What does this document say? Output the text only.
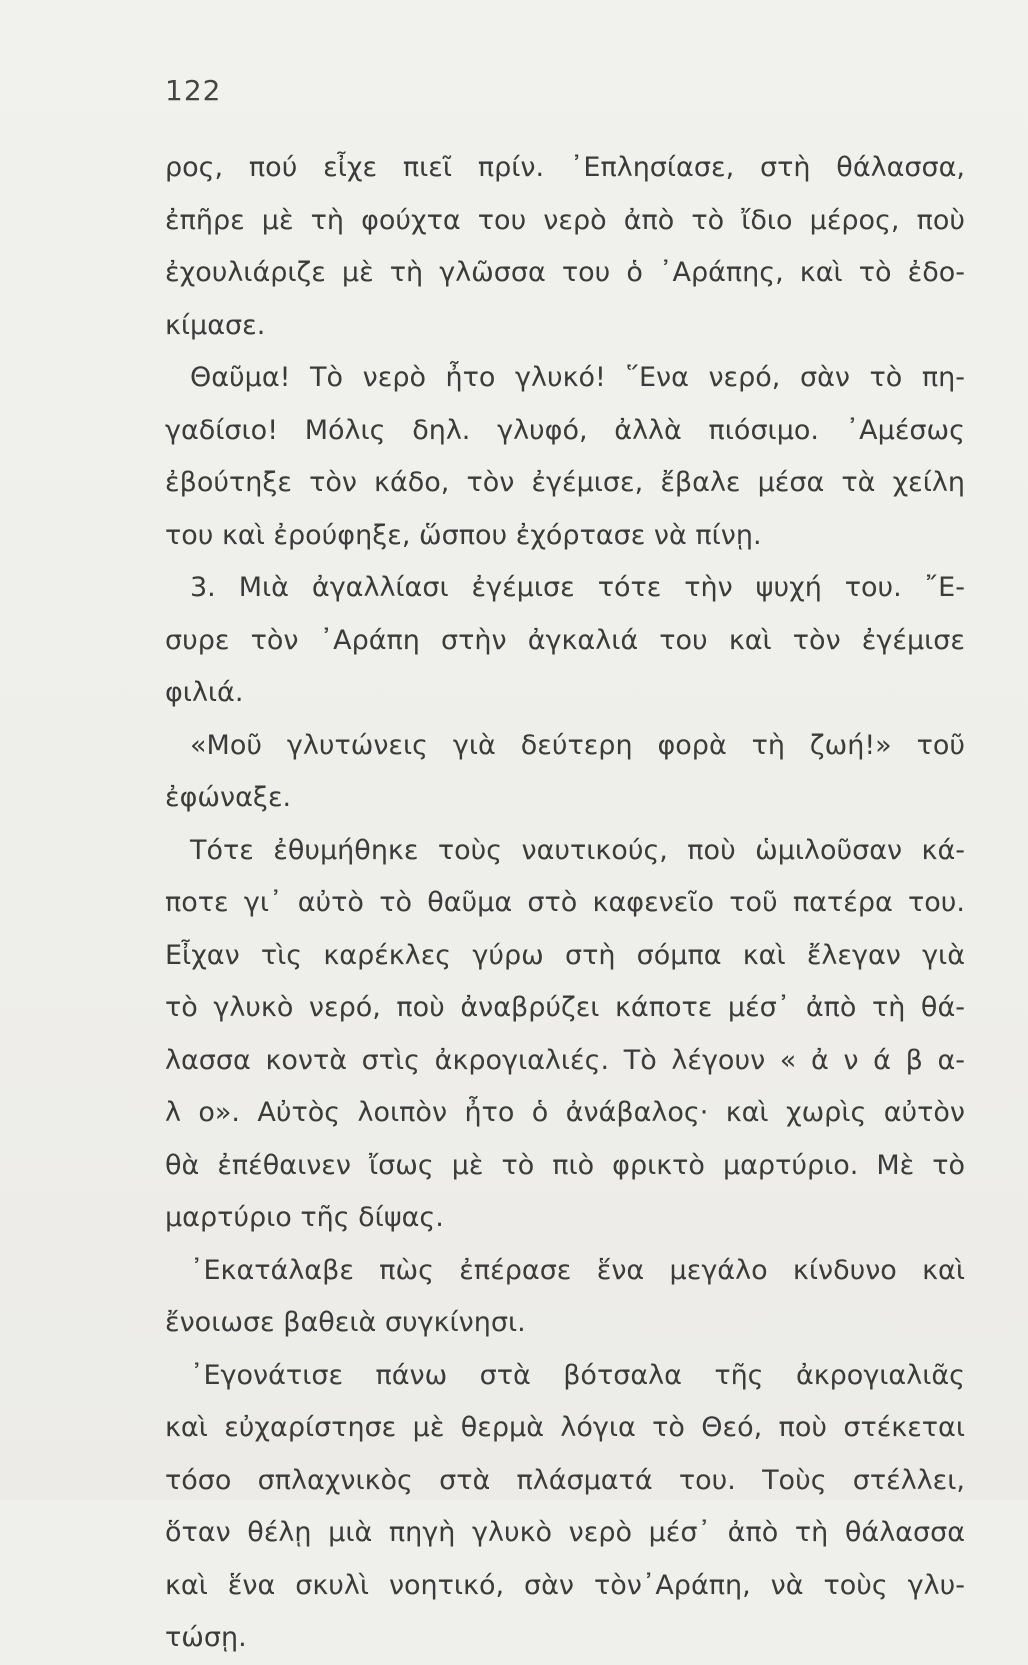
122
ρος, πού εἶχε πιεῖ πρίν. ᾽Επλησίασε, στὴ θάλασσα,
ἐπῆρε μὲ τὴ φούχτα του νερὸ ἀπὸ τὸ ἴδιο μέρος, ποὺ
ἐχουλιάριζε μὲ τὴ γλῶσσα του ὁ ᾽Αράπης, καὶ τὸ ἐδο-
κίμασε.
Θαῦμα! Τὸ νερὸ ἦτο γλυκό! ῞Ενα νερό, σὰν τὸ πη-
γαδίσιο! Μόλις δηλ. γλυφό, ἀλλὰ πιόσιμο. ᾽Αμέσως
ἐβούτηξε τὸν κάδο, τὸν ἐγέμισε, ἔβαλε μέσα τὰ χείλη
του καὶ ἐρούφηξε, ὥσπου ἐχόρτασε νὰ πίνῃ.
3. Μιὰ ἀγαλλίασι ἐγέμισε τότε τὴν ψυχή του. ῎Ε-
συρε τὸν ᾽Αράπη στὴν ἀγκαλιά του καὶ τὸν ἐγέμισε
φιλιά.
«Μοῦ γλυτώνεις γιὰ δεύτερη φορὰ τὴ ζωή!» τοῦ
ἐφώναξε.
Τότε ἐθυμήθηκε τοὺς ναυτικούς, ποὺ ὡμιλοῦσαν κά-
ποτε γι᾽ αὐτὸ τὸ θαῦμα στὸ καφενεῖο τοῦ πατέρα του.
Εἶχαν τὶς καρέκλες γύρω στὴ σόμπα καὶ ἔλεγαν γιὰ
τὸ γλυκὸ νερό, ποὺ ἀναβρύζει κάποτε μέσ᾽ ἀπὸ τὴ θά-
λασσα κοντὰ στὶς ἀκρογιαλιές. Τὸ λέγουν « ἀ ν ά β α-
λ ο». Αὐτὸς λοιπὸν ἦτο ὁ ἀνάβαλος· καὶ χωρὶς αὐτὸν
θὰ ἐπέθαινεν ἴσως μὲ τὸ πιὸ φρικτὸ μαρτύριο. Μὲ τὸ
μαρτύριο τῆς δίψας.
᾽Εκατάλαβε πὼς ἐπέρασε ἕνα μεγάλο κίνδυνο καὶ
ἔνοιωσε βαθειὰ συγκίνησι.
᾽Εγονάτισε πάνω στὰ βότσαλα τῆς ἀκρογιαλιᾶς
καὶ εὐχαρίστησε μὲ θερμὰ λόγια τὸ Θεό, ποὺ στέκεται
τόσο σπλαχνικὸς στὰ πλάσματά του. Τοὺς στέλλει,
ὅταν θέλῃ μιὰ πηγὴ γλυκὸ νερὸ μέσ᾽ ἀπὸ τὴ θάλασσα
καὶ ἕνα σκυλὶ νοητικό, σὰν τὸν᾽Αράπη, νὰ τοὺς γλυ-
τώσῃ.
